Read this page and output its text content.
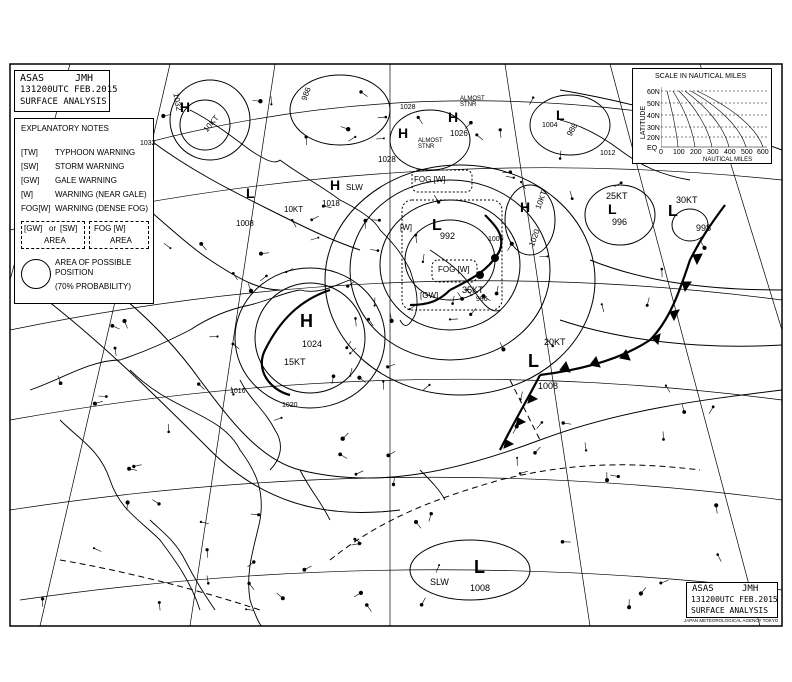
ASAS	JMH
131200UTC FEB.2015
SURFACE ANALYSIS
EXPLANATORY NOTES
[TW] TYPHOON WARNING
[SW] STORM WARNING
[GW] GALE WARNING
[W]	WARNING (NEAR GALE)
FOG[W] WARNING (DENSE FOG)
[GW] or [SW]
AREA
FOG [W]
AREA
AREA OF POSSIBLE
POSITION
(70% PROBABILITY)
SCALE IN NAUTICAL MILES
LATITUDE
60N
50N
40N
30N
20N
EQ
0 100 200 300 400 500 600
NAUTICAL MILES
ASAS	JMH
131200UTC FEB.2015
SURFACE ANALYSIS
JAPAN METEOROLOGICAL AGENCY TOKYO
H
1024
15KT	L
1008
20KT
SLW
L
1008
L
992
35KT
25KT
996
L
30KT
L
998
H
1028
ALMOST STNR
H
1026
ALMOST STNR
SLW
H
1018
10KT
L
1008
H
1032
10KT	L
988
986
10KT
H
1020
FOG [W]
FOG [W]
[GW]
[W]
1020
1012
1016
1004
1000
996
1028
1032
